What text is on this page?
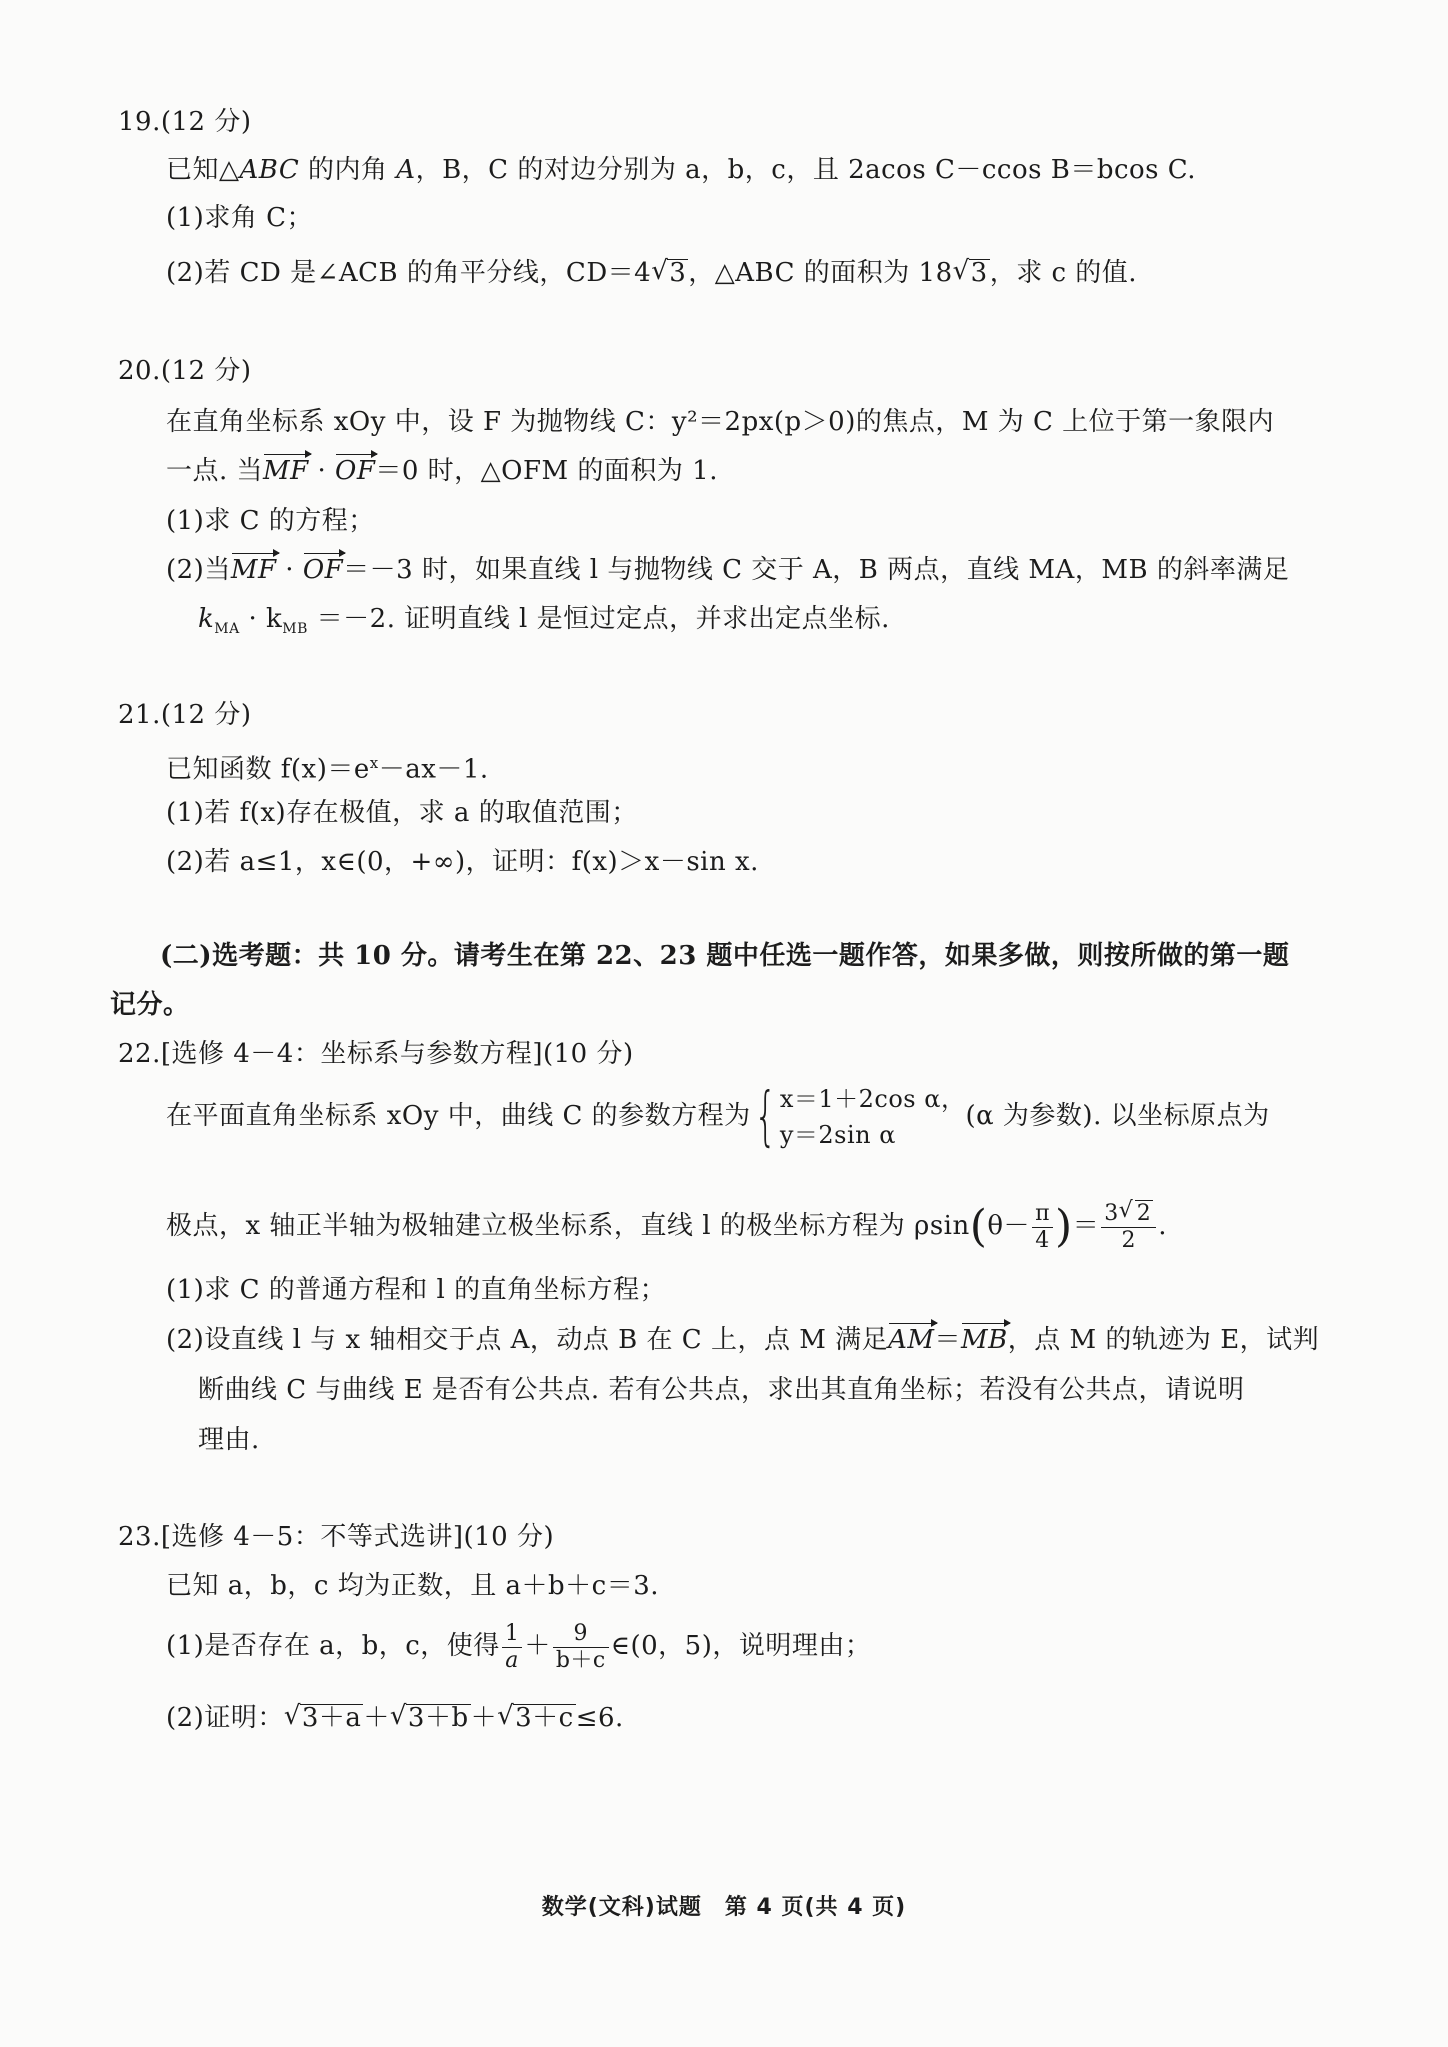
19.(12 分)
已知△ABC 的内角 A，B，C 的对边分别为 a，b，c，且 2acos C－ccos B＝bcos C.
(1)求角 C；
(2)若 CD 是∠ACB 的角平分线，CD＝4 √ 3，△ABC 的面积为 18 √ 3，求 c 的值.
20.(12 分)
在直角坐标系 xOy 中，设 F 为抛物线 C：y²＝2px(p＞0)的焦点，M 为 C 上位于第一象限内
一点. 当MF · OF＝0 时，△OFM 的面积为 1.
(1)求 C 的方程；
(2)当MF · OF＝－3 时，如果直线 l 与抛物线 C 交于 A，B 两点，直线 MA，MB 的斜率满足
$k_{MA} \cdot k_{MB} =-2$. 证明直线 l 是恒过定点，并求出定点坐标.
21.(12 分)
已知函数 $f(x)=e^x-ax-1$.
(1)若 f(x)存在极值，求 a 的取值范围；
(2)若 a≤1，x∈(0，+∞)，证明：f(x)＞x－sin x.
(二)选考题：共 10 分。请考生在第 22、23 题中任选一题作答，如果多做，则按所做的第一题
记分。
22.[选修 4－4：坐标系与参数方程](10 分)
在平面直角坐标系 xOy 中，曲线 C 的参数方程为 { x＝1＋2cos α，
y＝2sin α
(α 为参数). 以坐标原点为
极点，x 轴正半轴为极轴建立极坐标系，直线 l 的极坐标方程为 $\rho\sin(\theta- \frac{\pi}{4}$ )＝ $\frac{3 √ 2}{2}$ .
(1)求 C 的普通方程和 l 的直角坐标方程；
(2)设直线 l 与 x 轴相交于点 A，动点 B 在 C 上，点 M 满足AM＝MB，点 M 的轨迹为 E，试判
断曲线 C 与曲线 E 是否有公共点. 若有公共点，求出其直角坐标；若没有公共点，请说明
理由.
23.[选修 4－5：不等式选讲](10 分)
已知 a，b，c 均为正数，且 a＋b＋c＝3.
(1)是否存在 a，b，c，使得 $\frac{1}{a} + \frac{9}{b+c}$ ∈(0，5)，说明理由；
(2)证明： √ 3＋a＋ √ 3＋b＋ √ 3＋c≤6.
数学(文科)试题　第 4 页(共 4 页)
